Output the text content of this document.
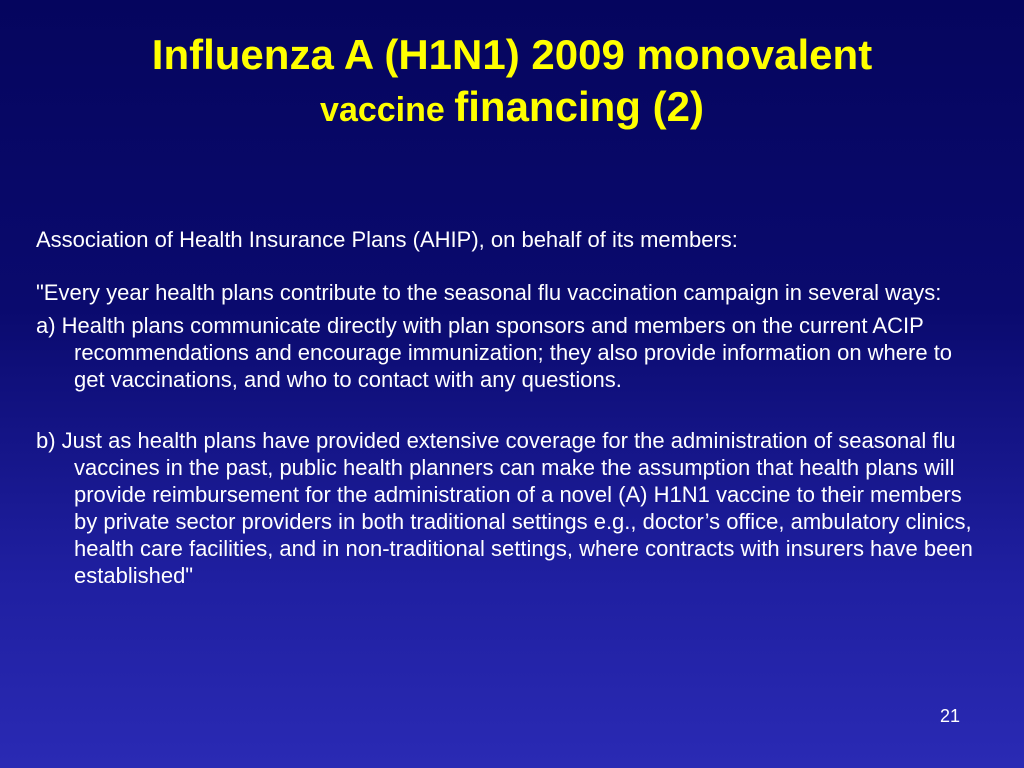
Influenza A (H1N1) 2009 monovalent
vaccine financing (2)

Association of Health Insurance Plans (AHIP), on behalf of its members:

"Every year health plans contribute to the seasonal flu vaccination campaign in several ways:

a) Health plans communicate directly with plan sponsors and members on the current ACIP recommendations and encourage immunization; they also provide information on where to get vaccinations, and who to contact with any questions.

b) Just as health plans have provided extensive coverage for the administration of seasonal flu vaccines in the past, public health planners can make the assumption that health plans will provide reimbursement for the administration of a novel (A) H1N1 vaccine to their members by private sector providers in both traditional settings e.g., doctor’s office, ambulatory clinics, health care facilities, and in non-traditional settings, where contracts with insurers have been established"

21
